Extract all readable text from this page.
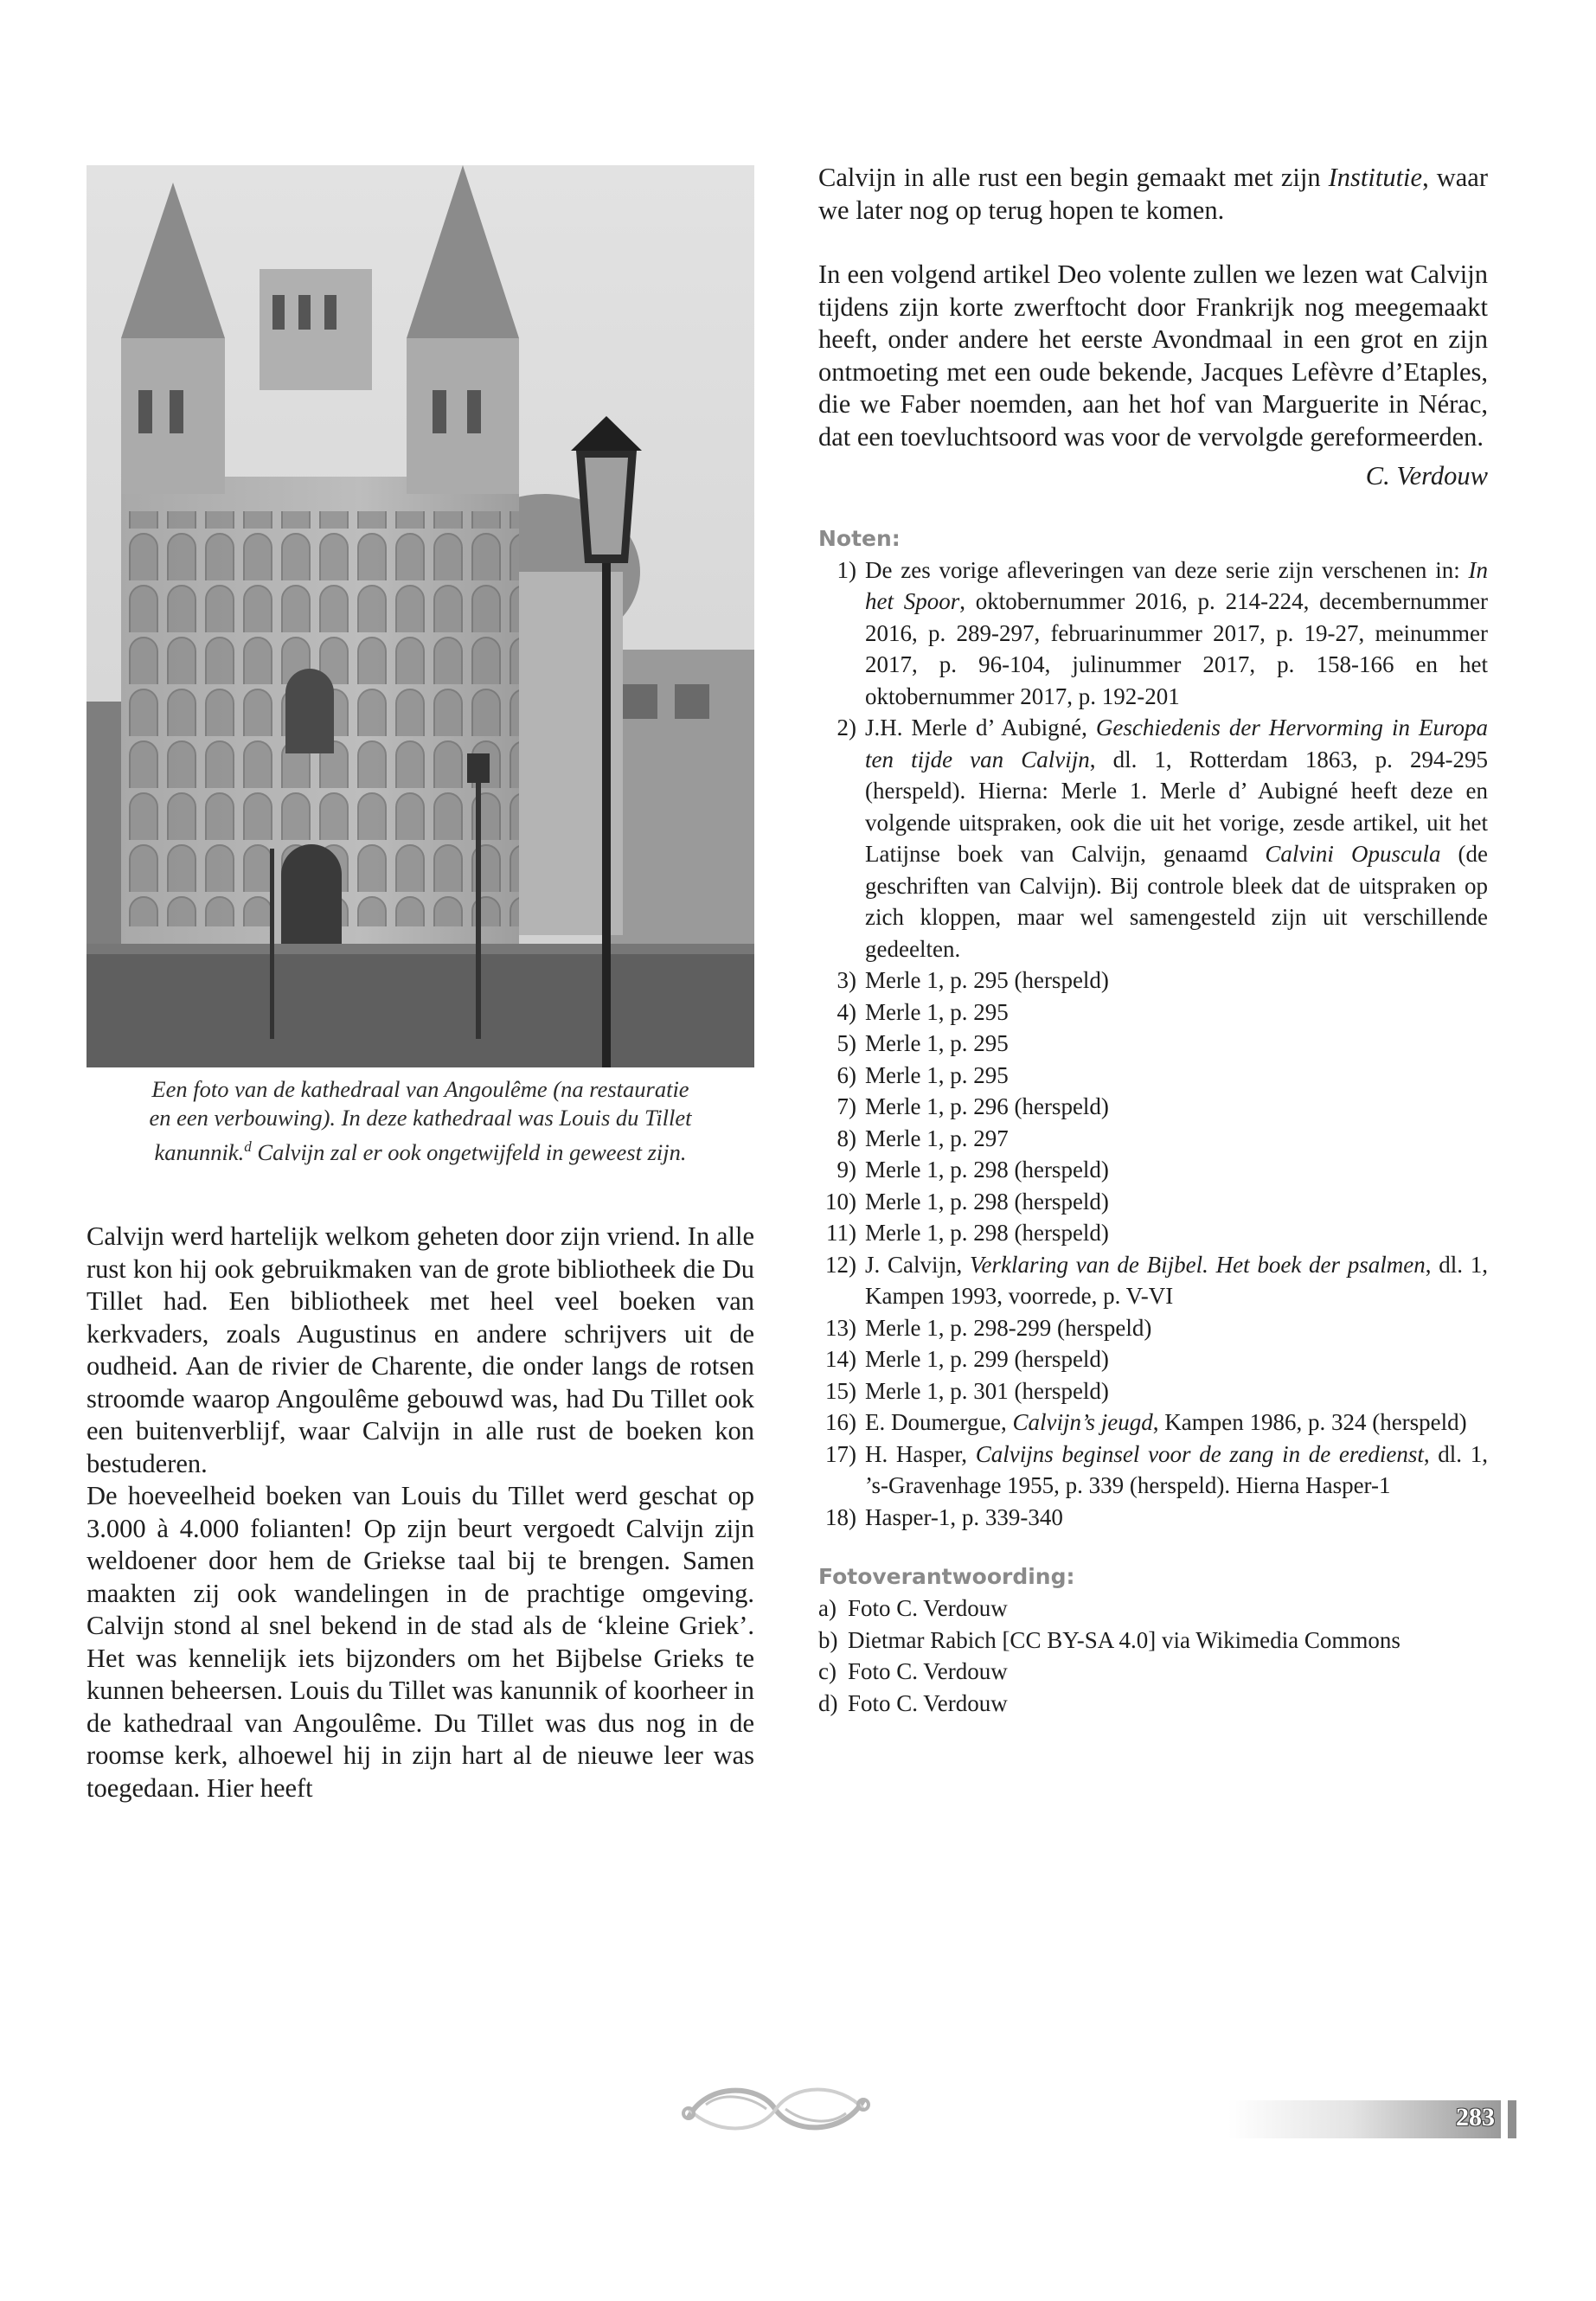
Een foto van de kathedraal van Angoulême (na restauratie
en een verbouwing). In deze kathedraal was Louis du Tillet
kanunnik.$^d$ Calvijn zal er ook ongetwijfeld in geweest zijn.

Calvijn werd hartelijk welkom geheten door zijn vriend. In alle rust kon hij ook gebruikmaken van de grote bibliotheek die Du Tillet had. Een bibliotheek met heel veel boeken van kerkvaders, zoals Augustinus en andere schrijvers uit de oudheid. Aan de rivier de Charente, die onder langs de rotsen stroomde waarop Angoulême gebouwd was, had Du Tillet ook een buitenverblijf, waar Calvijn in alle rust de boeken kon bestuderen.

De hoeveelheid boeken van Louis du Tillet werd geschat op 3.000 à 4.000 folianten! Op zijn beurt vergoedt Calvijn zijn weldoener door hem de Griekse taal bij te brengen. Samen maakten zij ook wandelingen in de prachtige omgeving. Calvijn stond al snel bekend in de stad als de ‘kleine Griek’. Het was kennelijk iets bijzonders om het Bijbelse Grieks te kunnen beheersen. Louis du Tillet was kanunnik of koorheer in de kathedraal van Angoulême. Du Tillet was dus nog in de roomse kerk, alhoewel hij in zijn hart al de nieuwe leer was toegedaan. Hier heeft

Calvijn in alle rust een begin gemaakt met zijn Institutie, waar we later nog op terug hopen te komen.

In een volgend artikel Deo volente zullen we lezen wat Calvijn tijdens zijn korte zwerftocht door Frankrijk nog meegemaakt heeft, onder andere het eerste Avondmaal in een grot en zijn ontmoeting met een oude bekende, Jacques Lefèvre d’Etaples, die we Faber noemden, aan het hof van Marguerite in Nérac, dat een toevluchtsoord was voor de vervolgde gereformeerden.

C. Verdouw

Noten:
1) De zes vorige afleveringen van deze serie zijn verschenen in: In het Spoor, oktobernummer 2016, p. 214-224, decembernummer 2016, p. 289-297, februarinummer 2017, p. 19-27, meinummer 2017, p. 96-104, julinummer 2017, p. 158-166 en het oktobernummer 2017, p. 192-201
2) J.H. Merle d’ Aubigné, Geschiedenis der Hervorming in Europa ten tijde van Calvijn, dl. 1, Rotterdam 1863, p. 294-295 (herspeld). Hierna: Merle 1. Merle d’ Aubigné heeft deze en volgende uitspraken, ook die uit het vorige, zesde artikel, uit het Latijnse boek van Calvijn, genaamd Calvini Opuscula (de geschriften van Calvijn). Bij controle bleek dat de uitspraken op zich kloppen, maar wel samengesteld zijn uit verschillende gedeelten.
3) Merle 1, p. 295 (herspeld)
4) Merle 1, p. 295
5) Merle 1, p. 295
6) Merle 1, p. 295
7) Merle 1, p. 296 (herspeld)
8) Merle 1, p. 297
9) Merle 1, p. 298 (herspeld)
10) Merle 1, p. 298 (herspeld)
11) Merle 1, p. 298 (herspeld)
12) J. Calvijn, Verklaring van de Bijbel. Het boek der psalmen, dl. 1, Kampen 1993, voorrede, p. V-VI
13) Merle 1, p. 298-299 (herspeld)
14) Merle 1, p. 299 (herspeld)
15) Merle 1, p. 301 (herspeld)
16) E. Doumergue, Calvijn’s jeugd, Kampen 1986, p. 324 (herspeld)
17) H. Hasper, Calvijns beginsel voor de zang in de eredienst, dl. 1, ’s-Gravenhage 1955, p. 339 (herspeld). Hierna Hasper-1
18) Hasper-1, p. 339-340
Fotoverantwoording:
a) Foto C. Verdouw
b) Dietmar Rabich [CC BY-SA 4.0] via Wikimedia Commons
c) Foto C. Verdouw
d) Foto C. Verdouw
283
